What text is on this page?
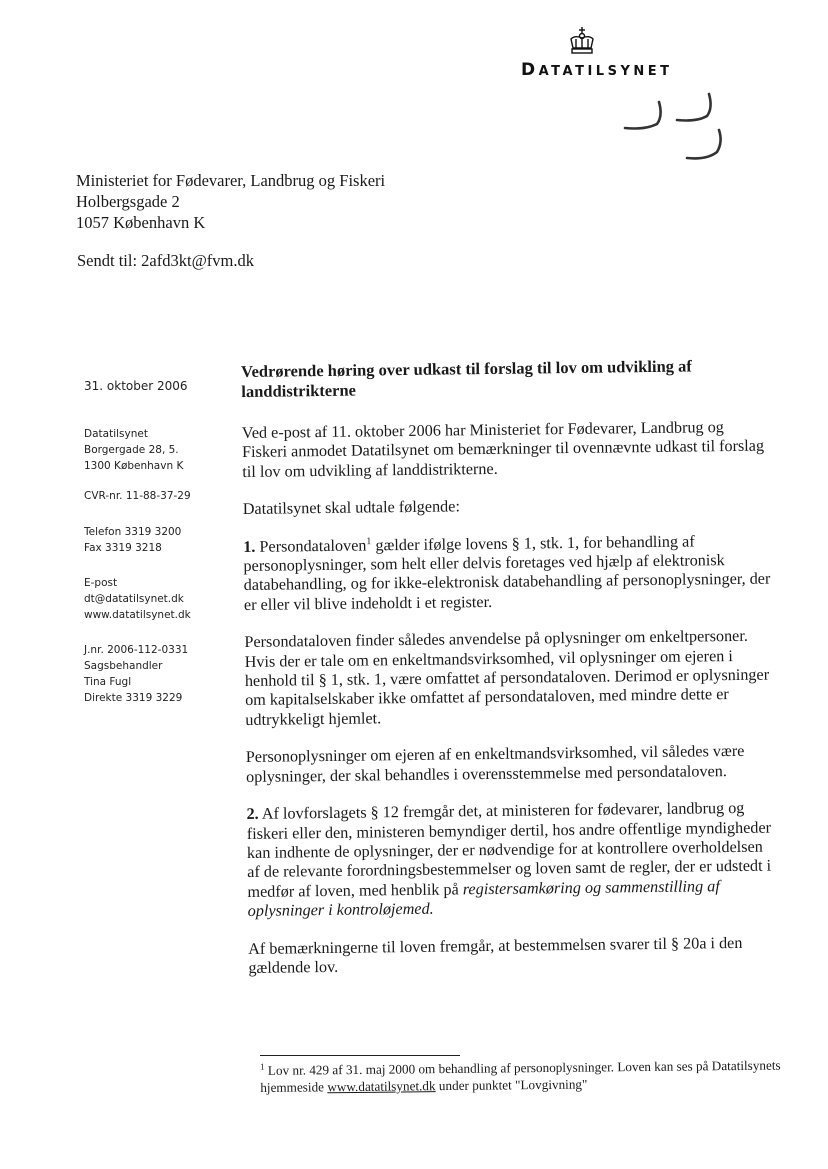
DATATILSYNET
Ministeriet for Fødevarer, Landbrug og Fiskeri
Holbergsgade 2
1057 København K
Sendt til: 2afd3kt@fvm.dk
31. oktober 2006
Datatilsynet
Borgergade 28, 5.
1300 København K
CVR-nr. 11-88-37-29
Telefon 3319 3200
Fax 3319 3218
E-post
dt@datatilsynet.dk
www.datatilsynet.dk
J.nr. 2006-112-0331
Sagsbehandler
Tina Fugl
Direkte 3319 3229
Vedrørende høring over udkast til forslag til lov om udvikling af landdistrikterne

Ved e-post af 11. oktober 2006 har Ministeriet for Fødevarer, Landbrug og Fiskeri anmodet Datatilsynet om bemærkninger til ovennævnte udkast til forslag til lov om udvikling af landdistrikterne.

Datatilsynet skal udtale følgende:

1. Persondataloven$^1$ gælder ifølge lovens § 1, stk. 1, for behandling af personoplysninger, som helt eller delvis foretages ved hjælp af elektronisk databehandling, og for ikke-elektronisk databehandling af personoplysninger, der er eller vil blive indeholdt i et register.

Persondataloven finder således anvendelse på oplysninger om enkeltpersoner. Hvis der er tale om en enkeltmandsvirksomhed, vil oplysninger om ejeren i henhold til § 1, stk. 1, være omfattet af persondataloven. Derimod er oplysninger om kapitalselskaber ikke omfattet af persondataloven, med mindre dette er udtrykkeligt hjemlet.

Personoplysninger om ejeren af en enkeltmandsvirksomhed, vil således være oplysninger, der skal behandles i overensstemmelse med persondataloven.

2. Af lovforslagets § 12 fremgår det, at ministeren for fødevarer, landbrug og fiskeri eller den, ministeren bemyndiger dertil, hos andre offentlige myndigheder kan indhente de oplysninger, der er nødvendige for at kontrollere overholdelsen af de relevante forordningsbestemmelser og loven samt de regler, der er udstedt i medfør af loven, med henblik på registersamkøring og sammenstilling af oplysninger i kontroløjemed.

Af bemærkningerne til loven fremgår, at bestemmelsen svarer til § 20a i den gældende lov.

$^1$ Lov nr. 429 af 31. maj 2000 om behandling af personoplysninger. Loven kan ses på Datatilsynets hjemmeside www.datatilsynet.dk under punktet "Lovgivning"
